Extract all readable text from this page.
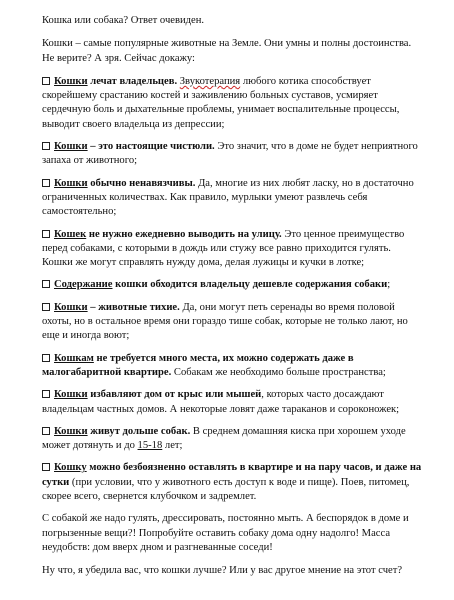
Кошка или собака? Ответ очевиден.

Кошки – самые популярные животные на Земле. Они умны и полны достоинства. Не верите? А зря. Сейчас докажу:

Кошки лечат владельцев. Звукотерапия любого котика способствует скорейшему срастанию костей и заживлению больных суставов, усмиряет сердечную боль и дыхательные проблемы, унимает воспалительные процессы, выводит своего владельца из депрессии;

Кошки – это настоящие чистюли. Это значит, что в доме не будет неприятного запаха от животного;

Кошки обычно ненавязчивы. Да, многие из них любят ласку, но в достаточно ограниченных количествах. Как правило, мурлыки умеют развлечь себя самостоятельно;

Кошек не нужно ежедневно выводить на улицу. Это ценное преимущество перед собаками, с которыми в дождь или стужу все равно приходится гулять. Кошки же могут справлять нужду дома, делая лужицы и кучки в лотке;

Содержание кошки обходится владельцу дешевле содержания собаки;

Кошки – животные тихие. Да, они могут петь серенады во время половой охоты, но в остальное время они гораздо тише собак, которые не только лают, но еще и иногда воют;

Кошкам не требуется много места, их можно содержать даже в малогабаритной квартире. Собакам же необходимо больше пространства;

Кошки избавляют дом от крыс или мышей, которых часто досаждают владельцам частных домов. А некоторые ловят даже тараканов и сороконожек;

Кошки живут дольше собак. В среднем домашняя киска при хорошем уходе может дотянуть и до 15-18 лет;

Кошку можно безбоязненно оставлять в квартире и на пару часов, и даже на сутки (при условии, что у животного есть доступ к воде и пище). Поев, питомец, скорее всего, свернется клубочком и задремлет.

С собакой же надо гулять, дрессировать, постоянно мыть. А беспорядок в доме и погрызенные вещи?! Попробуйте оставить собаку дома одну надолго! Масса неудобств: дом вверх дном и разгневанные соседи!

Ну что, я убедила вас, что кошки лучше? Или у вас другое мнение на этот счет?
